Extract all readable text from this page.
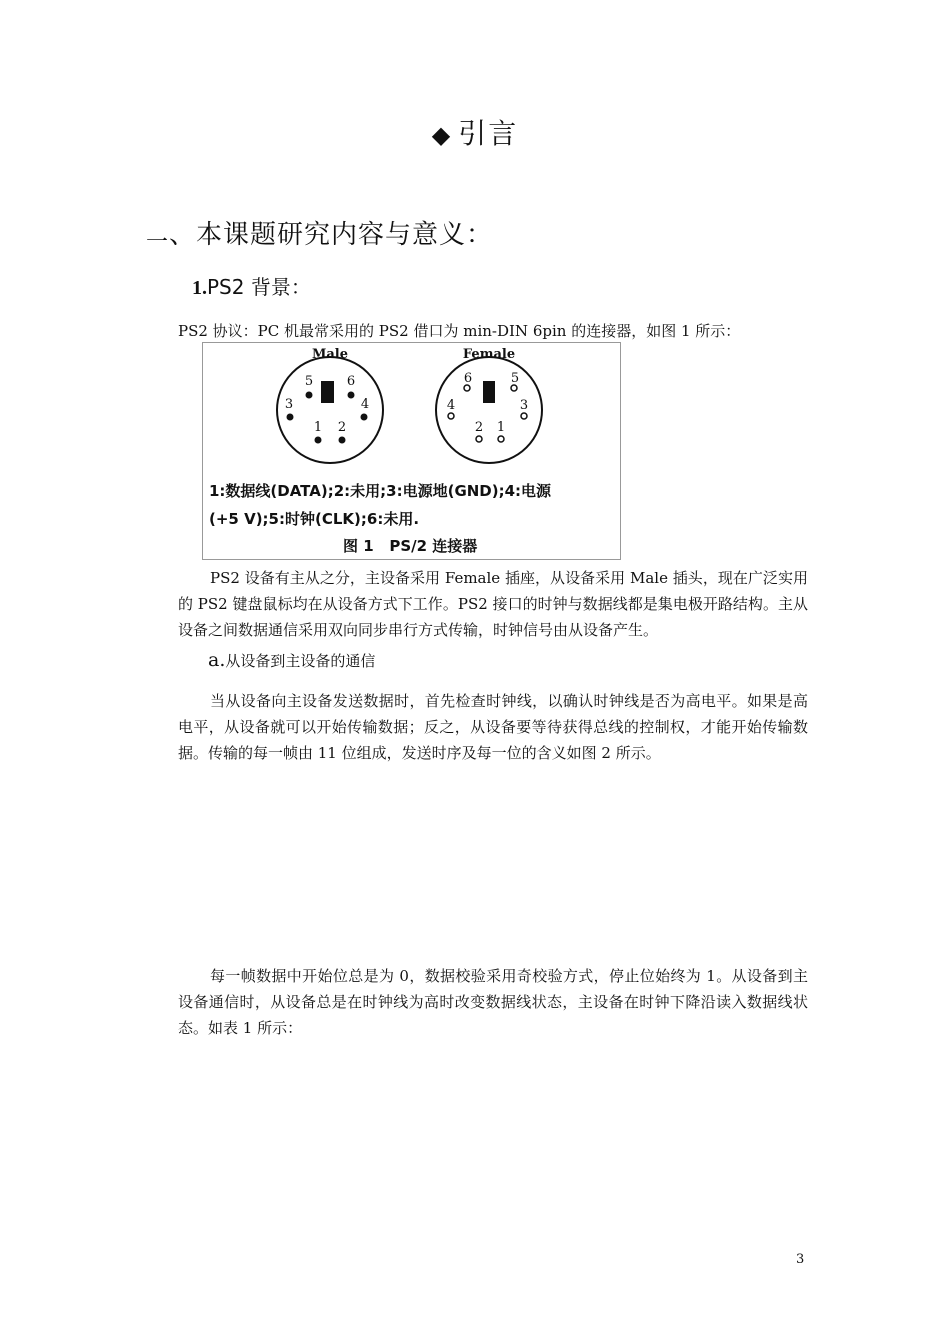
◆ 引言
$_一$、本课题研究内容与意义：
1.PS2 背景：
PS2 协议：PC 机最常采用的 PS2 借口为 min-DIN 6pin 的连接器，如图 1 所示：
Male
5	6
3	4
1 2
Female
6	5
4	3
2 1
1:数据线(DATA);2:未用;3:电源地(GND);4:电源
(+5 V);5:时钟(CLK);6:未用.
图 1   PS/2 连接器
PS2 设备有主从之分，主设备采用 Female 插座，从设备采用 Male 插头，现在广泛实用的 PS2 键盘鼠标均在从设备方式下工作。PS2 接口的时钟与数据线都是集电极开路结构。主从设备之间数据通信采用双向同步串行方式传输，时钟信号由从设备产生。
a.从设备到主设备的通信
当从设备向主设备发送数据时，首先检查时钟线，以确认时钟线是否为高电平。如果是高电平，从设备就可以开始传输数据；反之，从设备要等待获得总线的控制权，才能开始传输数据。传输的每一帧由 11 位组成，发送时序及每一位的含义如图 2 所示。
每一帧数据中开始位总是为 0，数据校验采用奇校验方式，停止位始终为 1。从设备到主设备通信时，从设备总是在时钟线为高时改变数据线状态，主设备在时钟下降沿读入数据线状态。如表 1 所示：
3
